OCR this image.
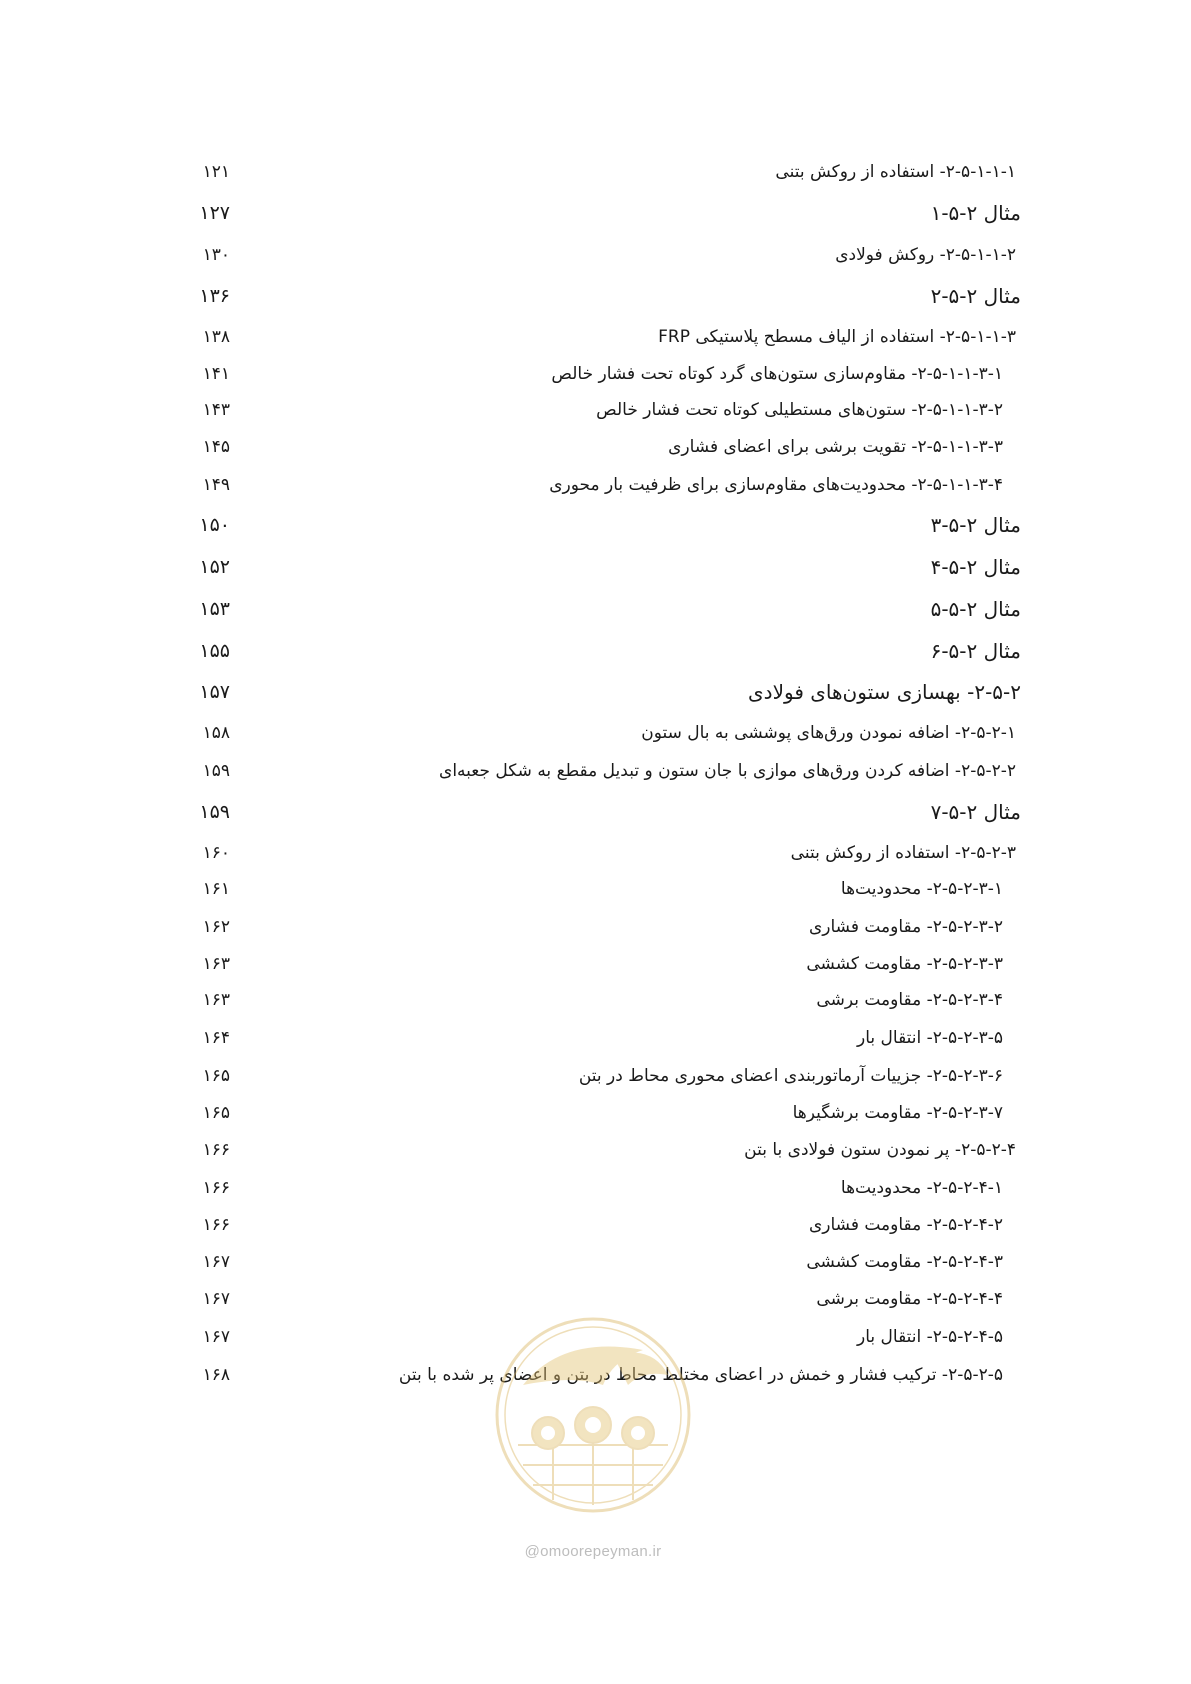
۲-۵-۱-۱-۱- استفاده از روکش بتنی
۱۲۱
مثال ۲-۵-۱
۱۲۷
۲-۵-۱-۱-۲- روکش فولادی
۱۳۰
مثال ۲-۵-۲
۱۳۶
۲-۵-۱-۱-۳- استفاده از الیاف مسطح پلاستیکی FRP
۱۳۸
۲-۵-۱-۱-۳-۱- مقاوم‌سازی ستون‌های گرد کوتاه تحت فشار خالص
۱۴۱
۲-۵-۱-۱-۳-۲- ستون‌های مستطیلی کوتاه تحت فشار خالص
۱۴۳
۲-۵-۱-۱-۳-۳- تقویت برشی برای اعضای فشاری
۱۴۵
۲-۵-۱-۱-۳-۴- محدودیت‌های مقاوم‌سازی برای ظرفیت بار محوری
۱۴۹
مثال ۲-۵-۳
۱۵۰
مثال ۲-۵-۴
۱۵۲
مثال ۲-۵-۵
۱۵۳
مثال ۲-۵-۶
۱۵۵
۲-۵-۲- بهسازی ستون‌های فولادی
۱۵۷
۲-۵-۲-۱- اضافه نمودن ورق‌های پوششی به بال ستون
۱۵۸
۲-۵-۲-۲- اضافه کردن ورق‌های موازی با جان ستون و تبدیل مقطع به شکل جعبه‌ای
۱۵۹
مثال ۲-۵-۷
۱۵۹
۲-۵-۲-۳- استفاده از روکش بتنی
۱۶۰
۲-۵-۲-۳-۱- محدودیت‌ها
۱۶۱
۲-۵-۲-۳-۲- مقاومت فشاری
۱۶۲
۲-۵-۲-۳-۳- مقاومت کششی
۱۶۳
۲-۵-۲-۳-۴- مقاومت برشی
۱۶۳
۲-۵-۲-۳-۵- انتقال بار
۱۶۴
۲-۵-۲-۳-۶- جزییات آرماتوربندی اعضای محوری محاط در بتن
۱۶۵
۲-۵-۲-۳-۷- مقاومت برشگیرها
۱۶۵
۲-۵-۲-۴- پر نمودن ستون فولادی با بتن
۱۶۶
۲-۵-۲-۴-۱- محدودیت‌ها
۱۶۶
۲-۵-۲-۴-۲- مقاومت فشاری
۱۶۶
۲-۵-۲-۴-۳- مقاومت کششی
۱۶۷
۲-۵-۲-۴-۴- مقاومت برشی
۱۶۷
۲-۵-۲-۴-۵- انتقال بار
۱۶۷
۲-۵-۲-۵- ترکیب فشار و خمش در اعضای مختلط محاط در بتن و اعضای پر شده با بتن
۱۶۸
@omoorepeyman.ir
